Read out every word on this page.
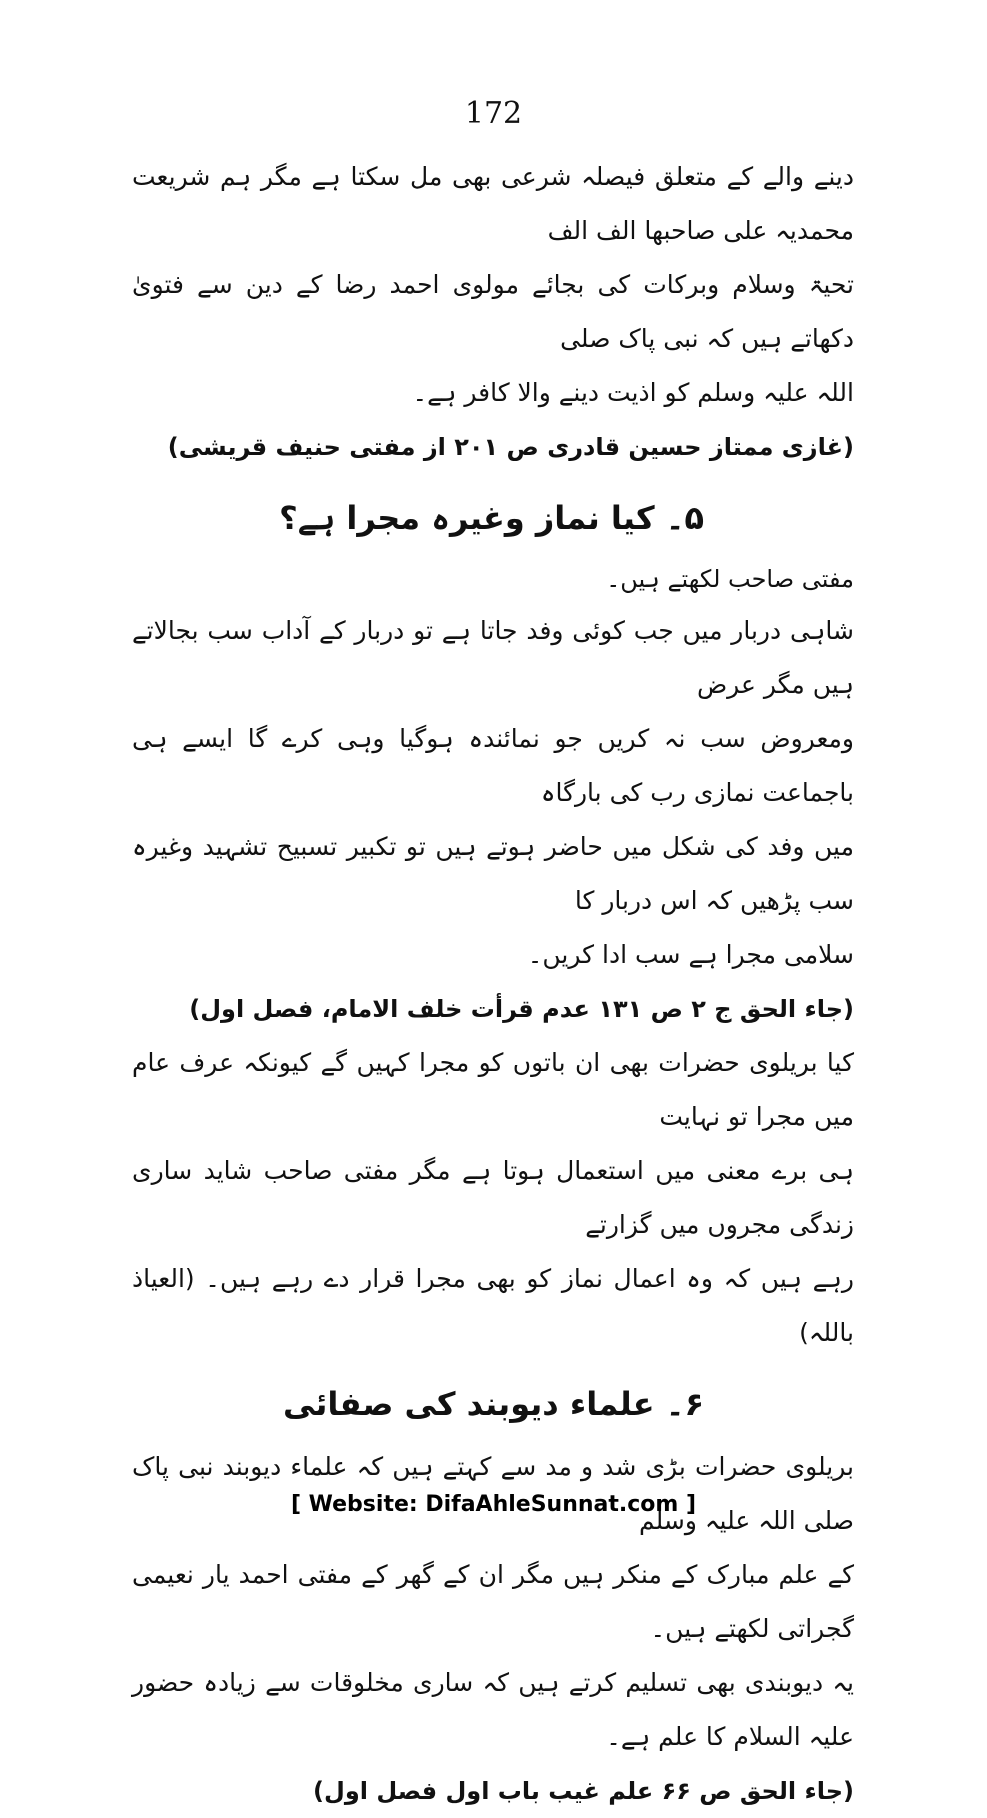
172

دینے والے کے متعلق فیصلہ شرعی بھی مل سکتا ہے مگر ہم شریعت محمدیہ علی صاحبھا الف الف

تحیۃ وسلام وبرکات کی بجائے مولوی احمد رضا کے دین سے فتویٰ دکھاتے ہیں کہ نبی پاک صلی

اللہ علیہ وسلم کو اذیت دینے والا کافر ہے۔

(غازی ممتاز حسین قادری ص ۲۰۱ از مفتی حنیف قریشی)

۵۔ کیا نماز وغیرہ مجرا ہے؟

مفتی صاحب لکھتے ہیں۔

شاہی دربار میں جب کوئی وفد جاتا ہے تو دربار کے آداب سب بجالاتے ہیں مگر عرض

ومعروض سب نہ کریں جو نمائندہ ہوگیا وہی کرے گا ایسے ہی باجماعت نمازی رب کی بارگاہ

میں وفد کی شکل میں حاضر ہوتے ہیں تو تکبیر تسبیح تشہید وغیرہ سب پڑھیں کہ اس دربار کا

سلامی مجرا ہے سب ادا کریں۔

(جاء الحق ج ۲ ص ۱۳۱ عدم قرأت خلف الامام، فصل اول)

کیا بریلوی حضرات بھی ان باتوں کو مجرا کہیں گے کیونکہ عرف عام میں مجرا تو نہایت

ہی برے معنی میں استعمال ہوتا ہے مگر مفتی صاحب شاید ساری زندگی مجروں میں گزارتے

رہے ہیں کہ وہ اعمال نماز کو بھی مجرا قرار دے رہے ہیں۔ (العیاذ باللہ)

۶۔ علماء دیوبند کی صفائی

بریلوی حضرات بڑی شد و مد سے کہتے ہیں کہ علماء دیوبند نبی پاک صلی اللہ علیہ وسلم

کے علم مبارک کے منکر ہیں مگر ان کے گھر کے مفتی احمد یار نعیمی گجراتی لکھتے ہیں۔

یہ دیوبندی بھی تسلیم کرتے ہیں کہ ساری مخلوقات سے زیادہ حضور علیہ السلام کا علم ہے۔

(جاء الحق ص ۶۶ علم غیب باب اول فصل اول)

[ Website: DifaAhleSunnat.com ]
